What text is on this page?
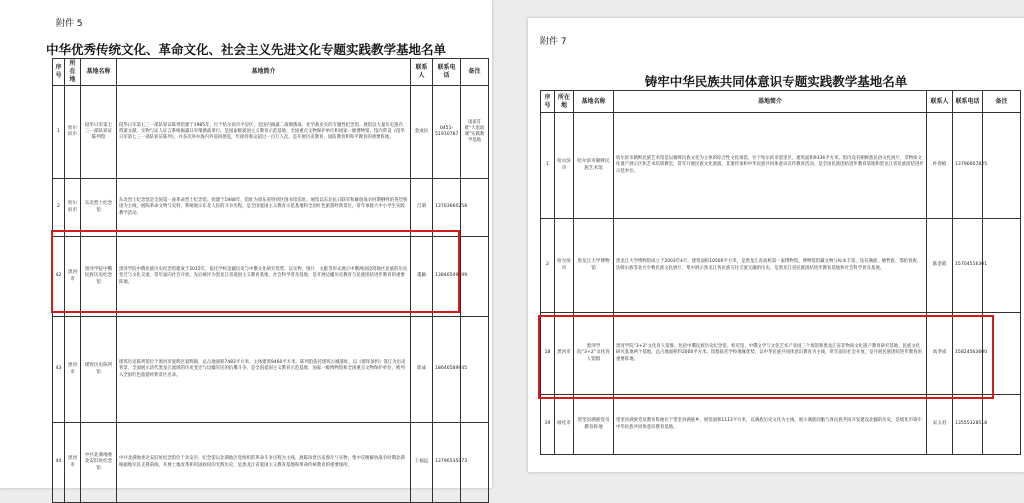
附件 5
中华优秀传统文化、革命文化、社会主义先进文化专题实践教学基地名单
序号	所在地	基地名称	基地简介	联系人	联系电话	备注
1	哈尔滨市	侵华日军第七三一部队罪证陈列馆	侵华日军第七三一部队罪证陈列馆建于1985年，位于哈尔滨市平房区，是国内揭露二战细菌战、化学战史实的专题性纪念馆。展馆以大量历史遗存、档案文献、实物与证人证言系统揭露日军细菌战罪行，是国家级爱国主义教育示范基地、全国重点文物保护单位和国家一级博物馆。馆内常设《侵华日军第七三一部队罪证陈列》，并多次举办海内外巡回展览，年接待观众超过一百万人次，是开展历史教育、国防教育和和平教育的重要阵地。	金成民	0451-51910787	国家首批“大思政课”实践教学基地
2	哈尔滨市	东北烈士纪念馆	东北烈士纪念馆是全国第一座革命烈士纪念馆，始建于1948年，馆址为原东省特别区图书馆旧址。展馆以东北抗日联军和解放战争时期牺牲的英烈事迹为主线，展陈革命文物与史料，系统展示东北人民的斗争历程，是全国爱国主义教育示范基地和全国红色旅游经典景区，常年承接大中小学生实践教学活动。	吕萌	13703660258	
42	黑河市	黑河学院中俄民族历史纪念馆	黑河学院中俄民族历史纪念馆建成于2015年，依托学校边疆历史与中俄文化研究优势，以实物、图片、文献等形式展示中俄两国边境地区民族的历史变迁与文化交流，常年面向社会开放，先后被评为黑龙江省爱国主义教育基地、社会科学普及基地，是开展边疆历史教育与民族团结进步教育的重要阵地。	董颖	13846549099	
43	黑河市	瑷珲历史陈列馆	瑷珲历史陈列馆位于黑河市爱辉区爱辉镇，总占地面积7483平方米，主体建筑9460平方米。陈列馆依托瑷珲古城遗址，以《瑷珲条约》签订为历史背景，全面展示清代黑龙江流域的历史变迁与边疆军民的抗俄斗争，是全国爱国主义教育示范基地、国家一级博物馆和全国重点文物保护单位，被列入全国红色旅游经典景区名录。	郭成	18646589945	
44	黑河市	中共北满地委北安旧址纪念馆	中共北满地委北安旧址纪念馆位于北安市，纪念馆以北满地区党组织的革命斗争历程为主线，展陈珍贵历史图片与实物，集中反映解放战争时期北满根据地军民支援前线、开展土地改革和巩固政权的光辉历史，是黑龙江省爱国主义教育基地和革命传统教育的重要场所。	王福远	13796535073	
附件 7
铸牢中华民族共同体意识专题实践教学基地名单
序号	所在地	基地名称	基地简介	联系人	联系电话	备注
1	哈尔滨市	哈尔滨市朝鲜民族艺术馆	哈尔滨市朝鲜民族艺术馆是以朝鲜民族文化为主体的综合性文化场馆，位于哈尔滨市道里区，建筑面积9336平方米。馆内设有朝鲜族民俗文化展厅、非物质文化遗产展示区和艺术培训教室，常年开展民族文化展演、非遗传承和中华民族共同体意识宣传教育活动，是全国民族团结进步教育基地和黑龙江省民族团结进步示范单位。	朴春植	13796607825	
2	哈尔滨市	黑龙江大学博物馆	黑龙江大学博物馆成立于2003年4月，建筑面积10500平方米，是黑龙江省高校第一家博物馆。博物馆馆藏文物与标本丰富，设有满族、赫哲族、鄂伦春族、达斡尔族等北方少数民族文化展厅，集中展示黑龙江各民族交往交流交融的历史，是黑龙江省民族团结进步教育基地和社会科学普及基地。	陈金霞	15704516301	
18	黑河市	黑河学院“3+2”文化育人馆群	黑河学院“3+2”文化育人馆群，包括中俄民族历史纪念馆、校史馆、中俄文学与文化艺术产业园三个场馆和黑龙江省非物质文化遗产教育研究基地、民族文化研究基地两个基地，总占地面积约2000平方米。馆群依托学校地缘优势，以中华民族共同体意识教育为主线，常年面向社会开放，是开展民族团结进步教育的重要阵地。	高孝成	15824563600	
19	绥化市	望奎县满族党员教育阵地	望奎县满族党员教育阵地位于望奎县满族乡，展馆面积1113平方米，以满族历史文化为主线，展示满族同胞与各民族共同开发建设北疆的历史，是绥化市铸牢中华民族共同体意识教育基地。	宋玉君	13555328518	
